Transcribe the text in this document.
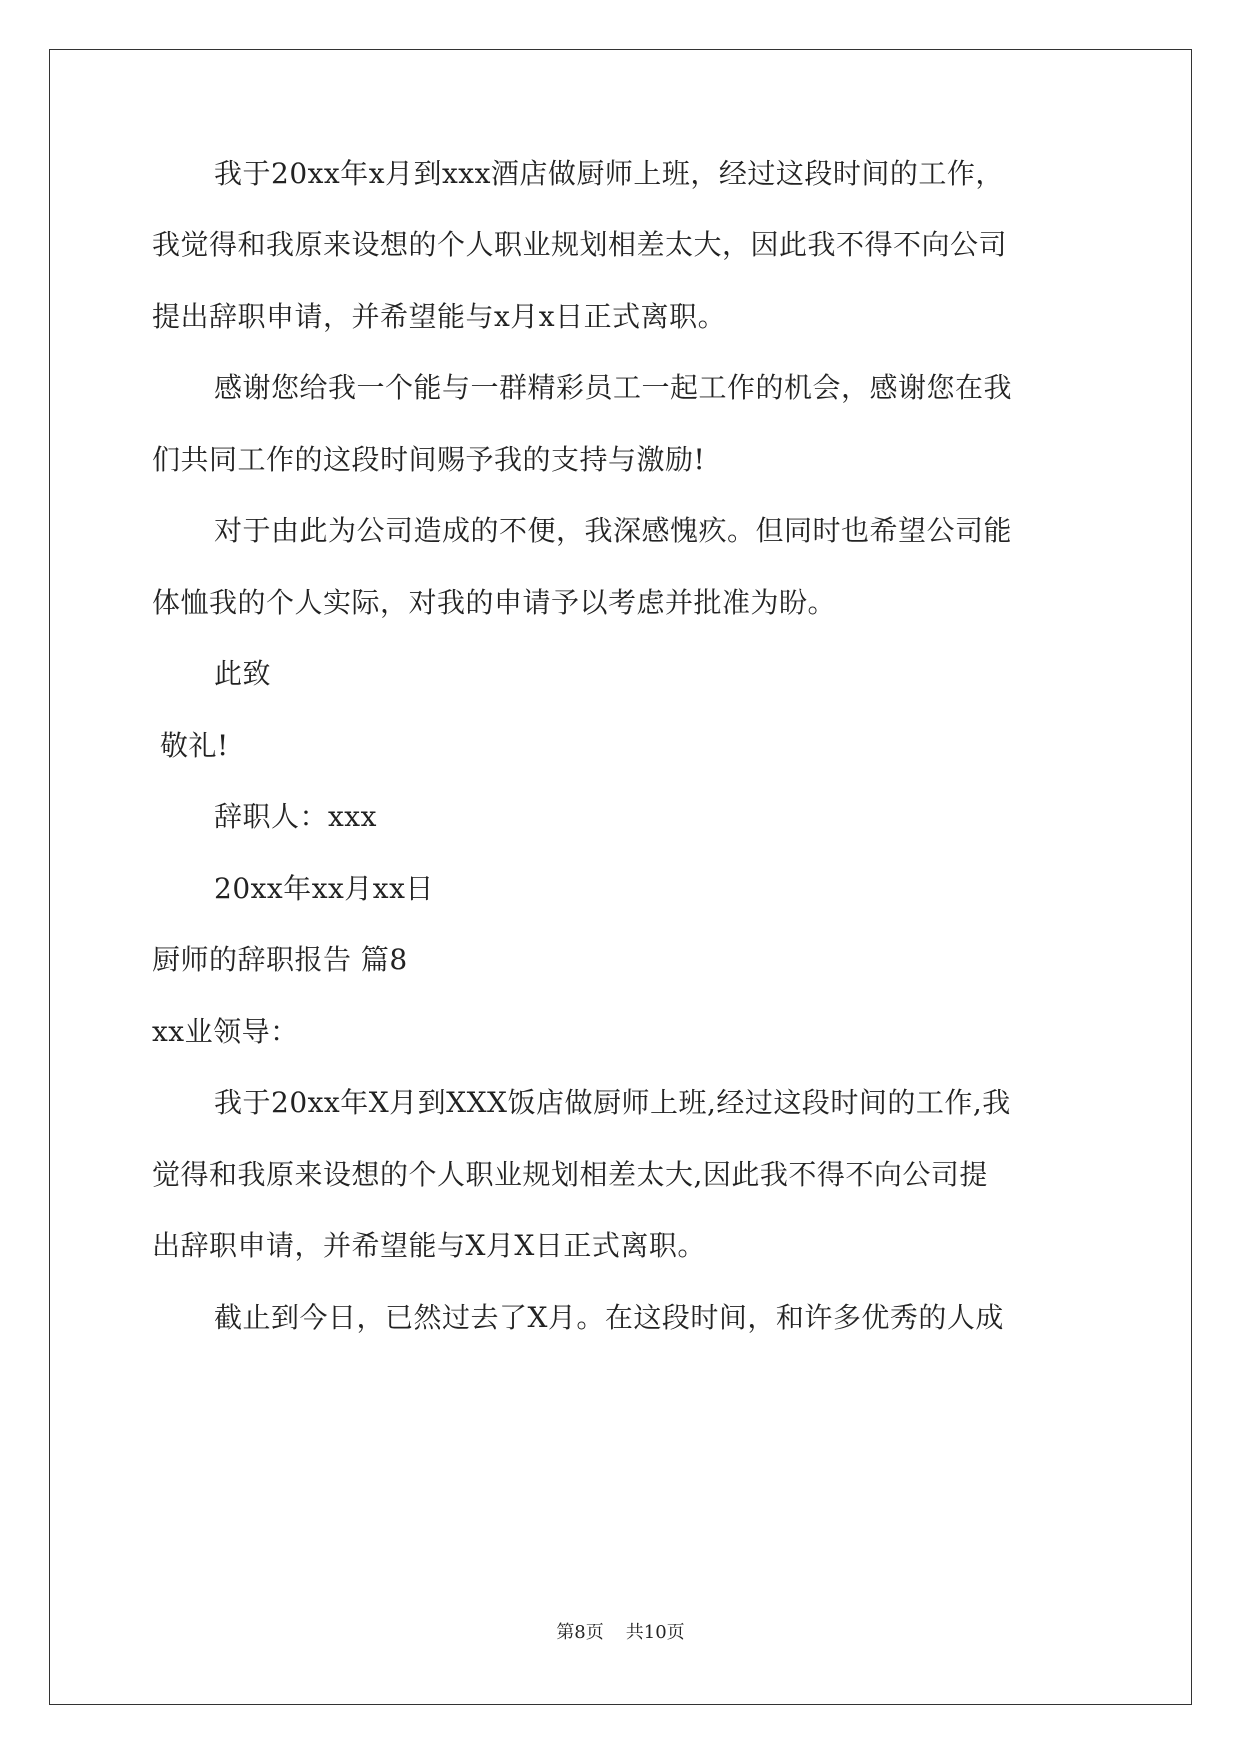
我于20xx年x月到xxx酒店做厨师上班，经过这段时间的工作，
我觉得和我原来设想的个人职业规划相差太大，因此我不得不向公司
提出辞职申请，并希望能与x月x日正式离职。
感谢您给我一个能与一群精彩员工一起工作的机会，感谢您在我
们共同工作的这段时间赐予我的支持与激励!
对于由此为公司造成的不便，我深感愧疚。但同时也希望公司能
体恤我的个人实际，对我的申请予以考虑并批准为盼。
此致
敬礼!
辞职人：xxx
20xx年xx月xx日
厨师的辞职报告 篇8
xx业领导：
我于20xx年X月到XXX饭店做厨师上班,经过这段时间的工作,我
觉得和我原来设想的个人职业规划相差太大,因此我不得不向公司提
出辞职申请，并希望能与X月X日正式离职。
截止到今日，已然过去了X月。在这段时间，和许多优秀的人成
第8页 共10页
